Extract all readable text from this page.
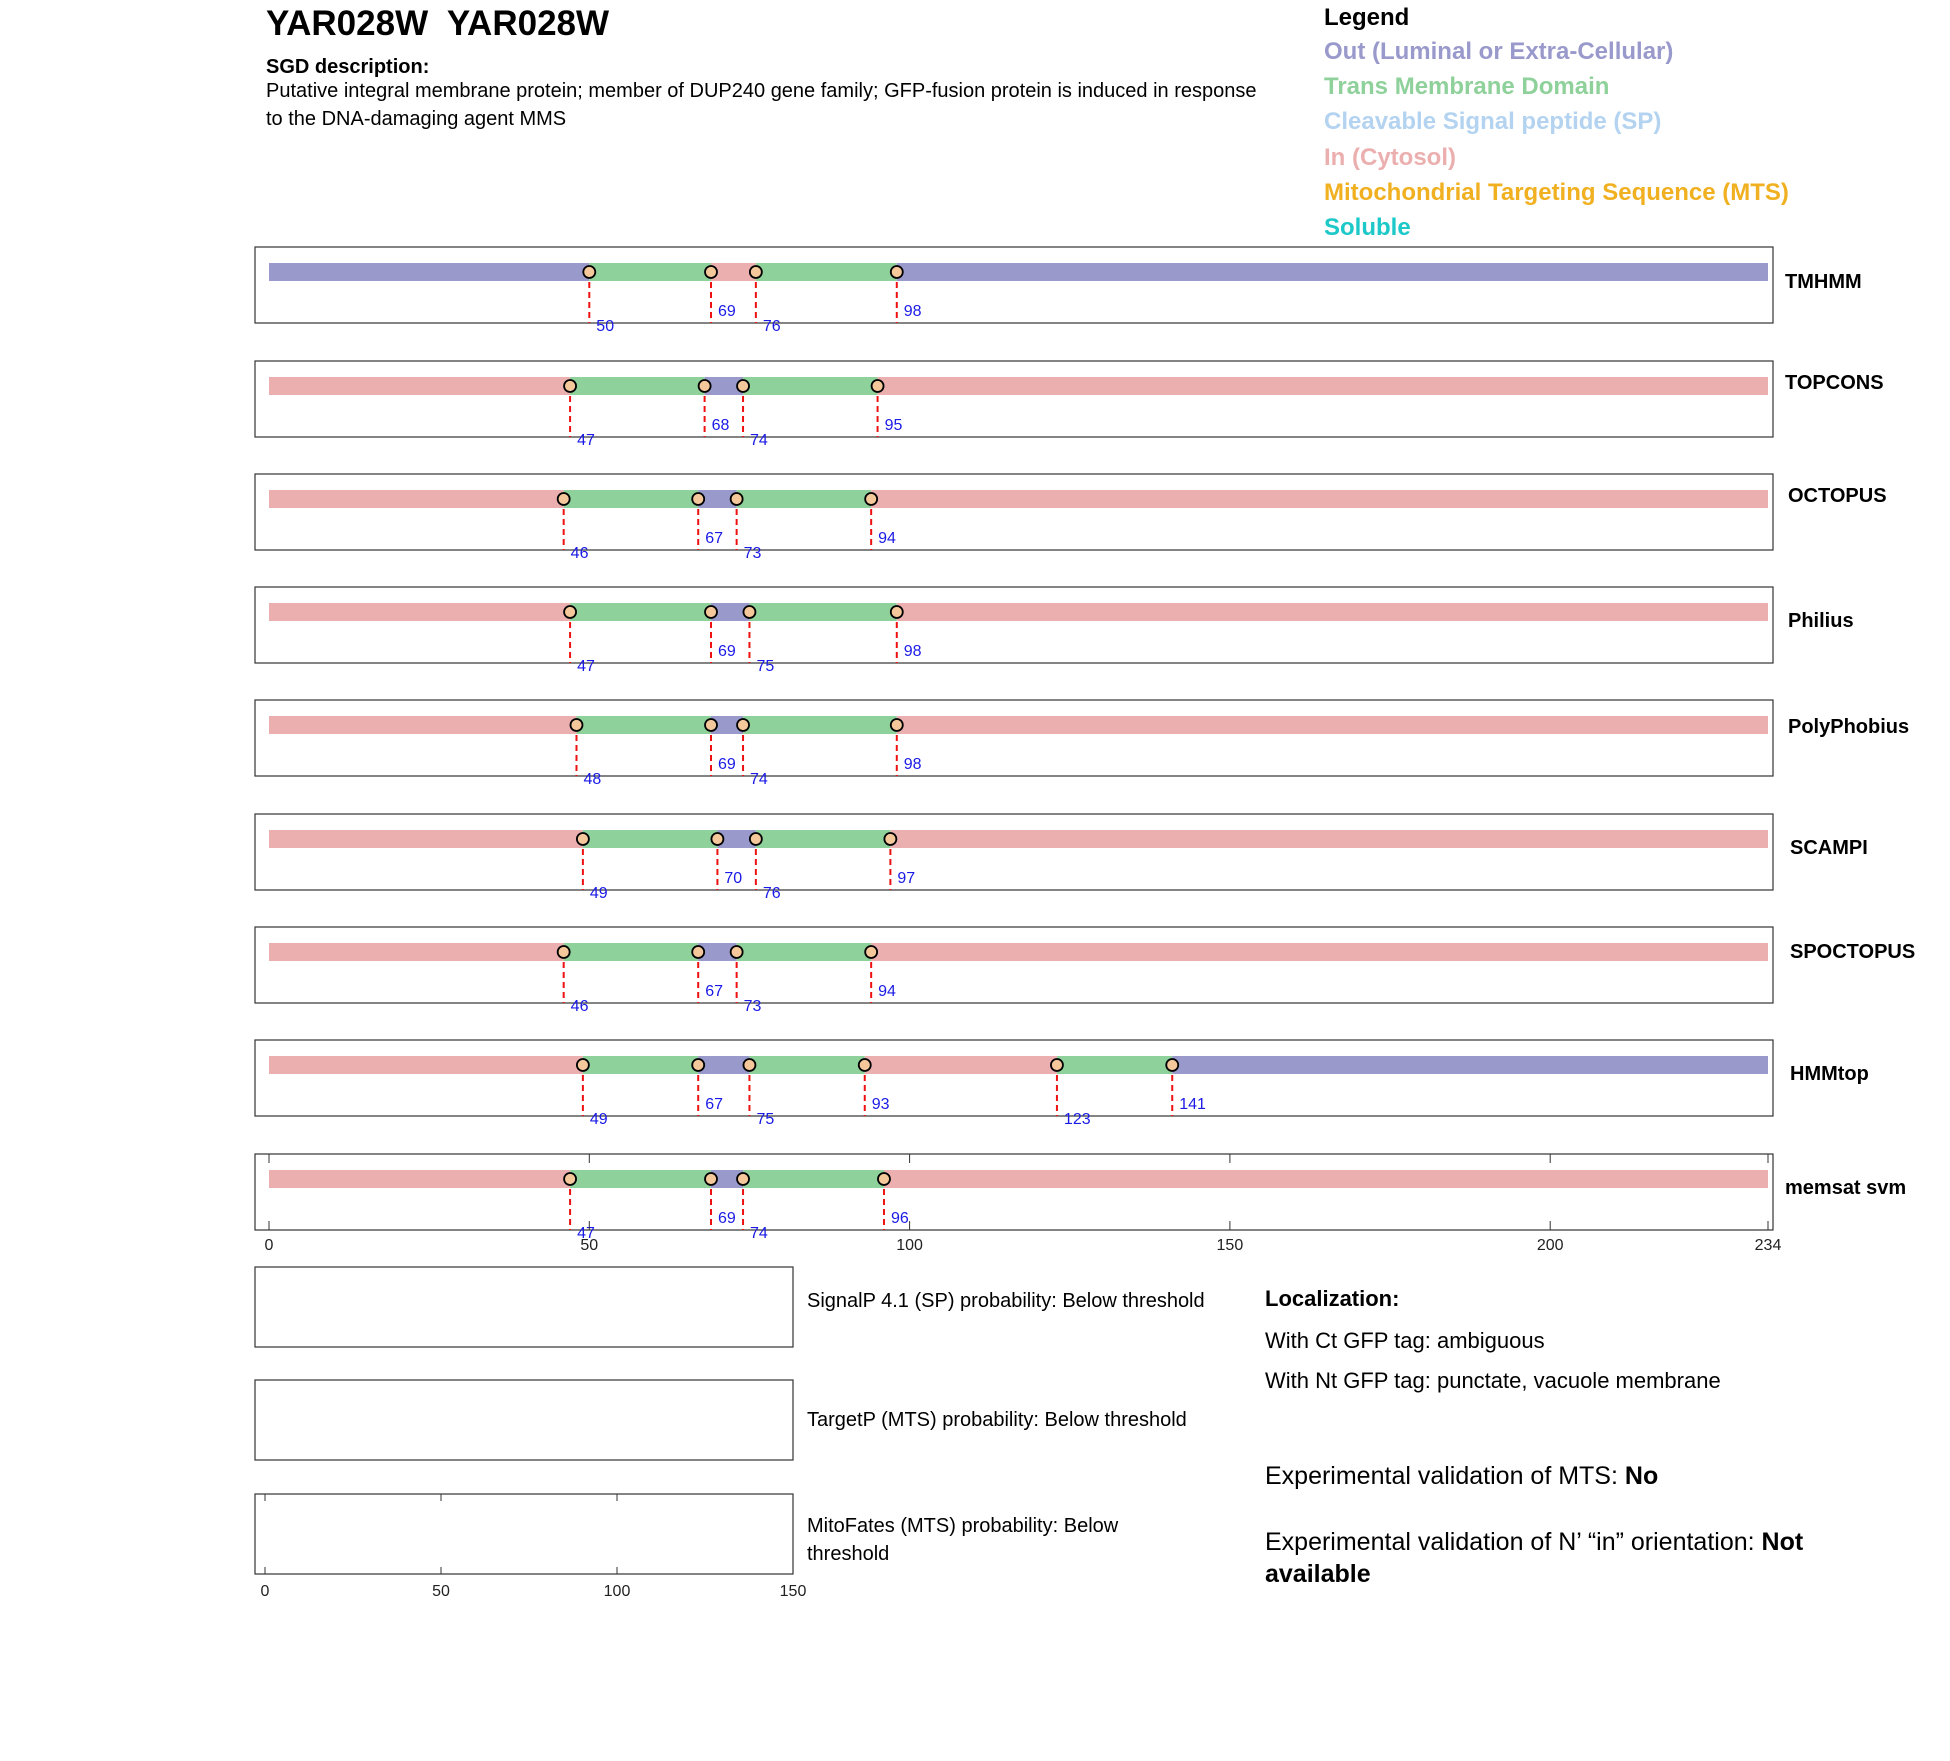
YAR028W  YAR028W
SGD description:
Putative integral membrane protein; member of DUP240 gene family; GFP-fusion protein is induced in response to the DNA-damaging agent MMS
Legend
Out (Luminal or Extra-Cellular)
Trans Membrane Domain
Cleavable Signal peptide (SP)
In (Cytosol)
Mitochondrial Targeting Sequence (MTS)
Soluble
50
69
76
98
47
68
74
95
46
67
73
94
47
69
75
98
48
69
74
98
49
70
76
97
46
67
73
94
49
67
75
93
123
141
47
69
74
96
0	50	100	150	200	234
0	50	100	150
TMHMM
TOPCONS
OCTOPUS
Philius
PolyPhobius
SCAMPI
SPOCTOPUS
HMMtop
memsat svm
SignalP 4.1 (SP) probability: Below threshold
TargetP (MTS) probability: Below threshold
MitoFates (MTS) probability: Below threshold
Localization:
With Ct GFP tag: ambiguous
With Nt GFP tag: punctate, vacuole membrane
Experimental validation of MTS: No
Experimental validation of N’ “in” orientation: Not available
